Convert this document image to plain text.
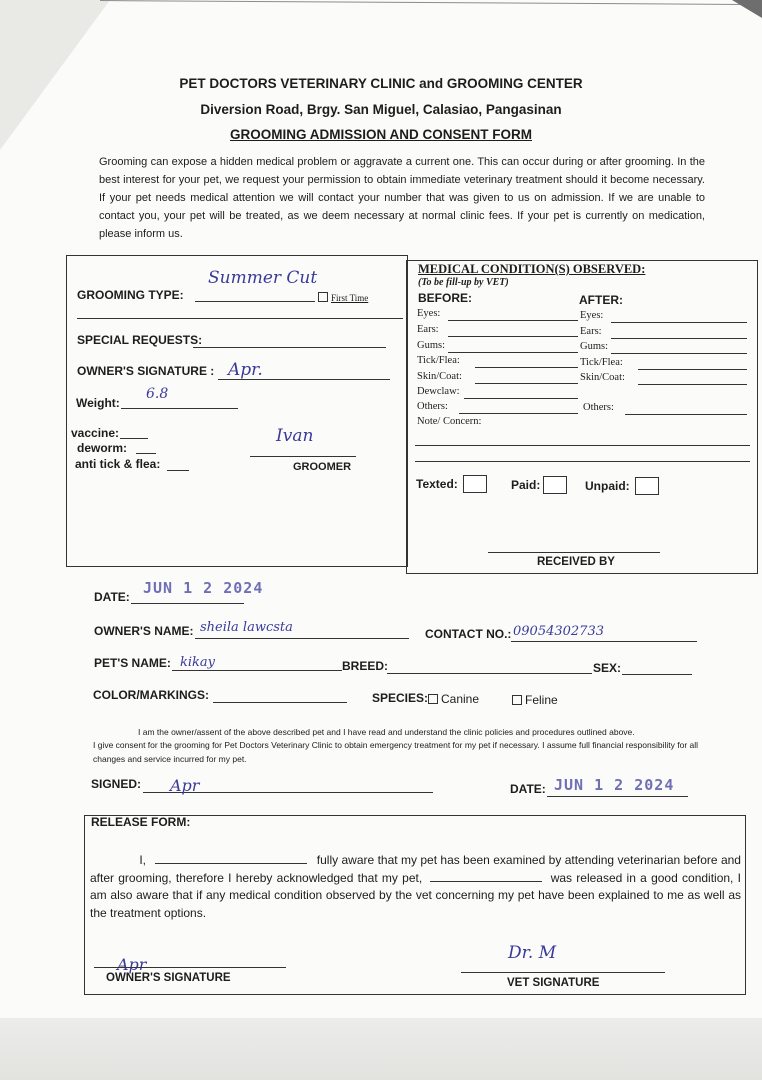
PET DOCTORS VETERINARY CLINIC and GROOMING CENTER
Diversion Road, Brgy. San Miguel, Calasiao, Pangasinan
GROOMING ADMISSION AND CONSENT FORM
Grooming can expose a hidden medical problem or aggravate a current one. This can occur during or after grooming. In the best interest for your pet, we request your permission to obtain immediate veterinary treatment should it become necessary. If your pet needs medical attention we will contact your number that was given to us on admission. If we are unable to contact you, your pet will be treated, as we deem necessary at normal clinic fees. If your pet is currently on medication, please inform us.
GROOMING TYPE:
Summer Cut
First Time
SPECIAL REQUESTS:
OWNER'S SIGNATURE : Apr.
Weight:
6.8
vaccine:
deworm:
anti tick & flea:
Ivan
GROOMER
MEDICAL CONDITION(S) OBSERVED:
(To be fill-up by VET)
BEFORE:	AFTER:
Eyes:
Ears:
Gums:
Tick/Flea:
Skin/Coat:
Dewclaw:
Others:
Note/ Concern:
Eyes:
Ears:
Gums:
Tick/Flea:
Skin/Coat:
Others:
Texted:	Paid:	Unpaid:
RECEIVED BY
DATE: JUN 1 2 2024
OWNER'S NAME: sheila lawcsta	CONTACT NO.: 09054302733
PET'S NAME: kikay	BREED:	SEX:
COLOR/MARKINGS:	SPECIES:	Canine	Feline
I am the owner/assent of the above described pet and I have read and understand the clinic policies and procedures outlined above.
I give consent for the grooming for Pet Doctors Veterinary Clinic to obtain emergency treatment for my pet if necessary. I assume full financial responsibility for all changes and service incurred for my pet.
SIGNED: Apr	DATE: JUN 1 2 2024
RELEASE FORM:
I,	fully aware that my pet has been examined by attending veterinarian before and after grooming, therefore I hereby acknowledged that my pet,	was released in a good condition, I am also aware that if any medical condition observed by the vet concerning my pet have been explained to me as well as the treatment options.
Apr
OWNER'S SIGNATURE
Dr. M
VET SIGNATURE
